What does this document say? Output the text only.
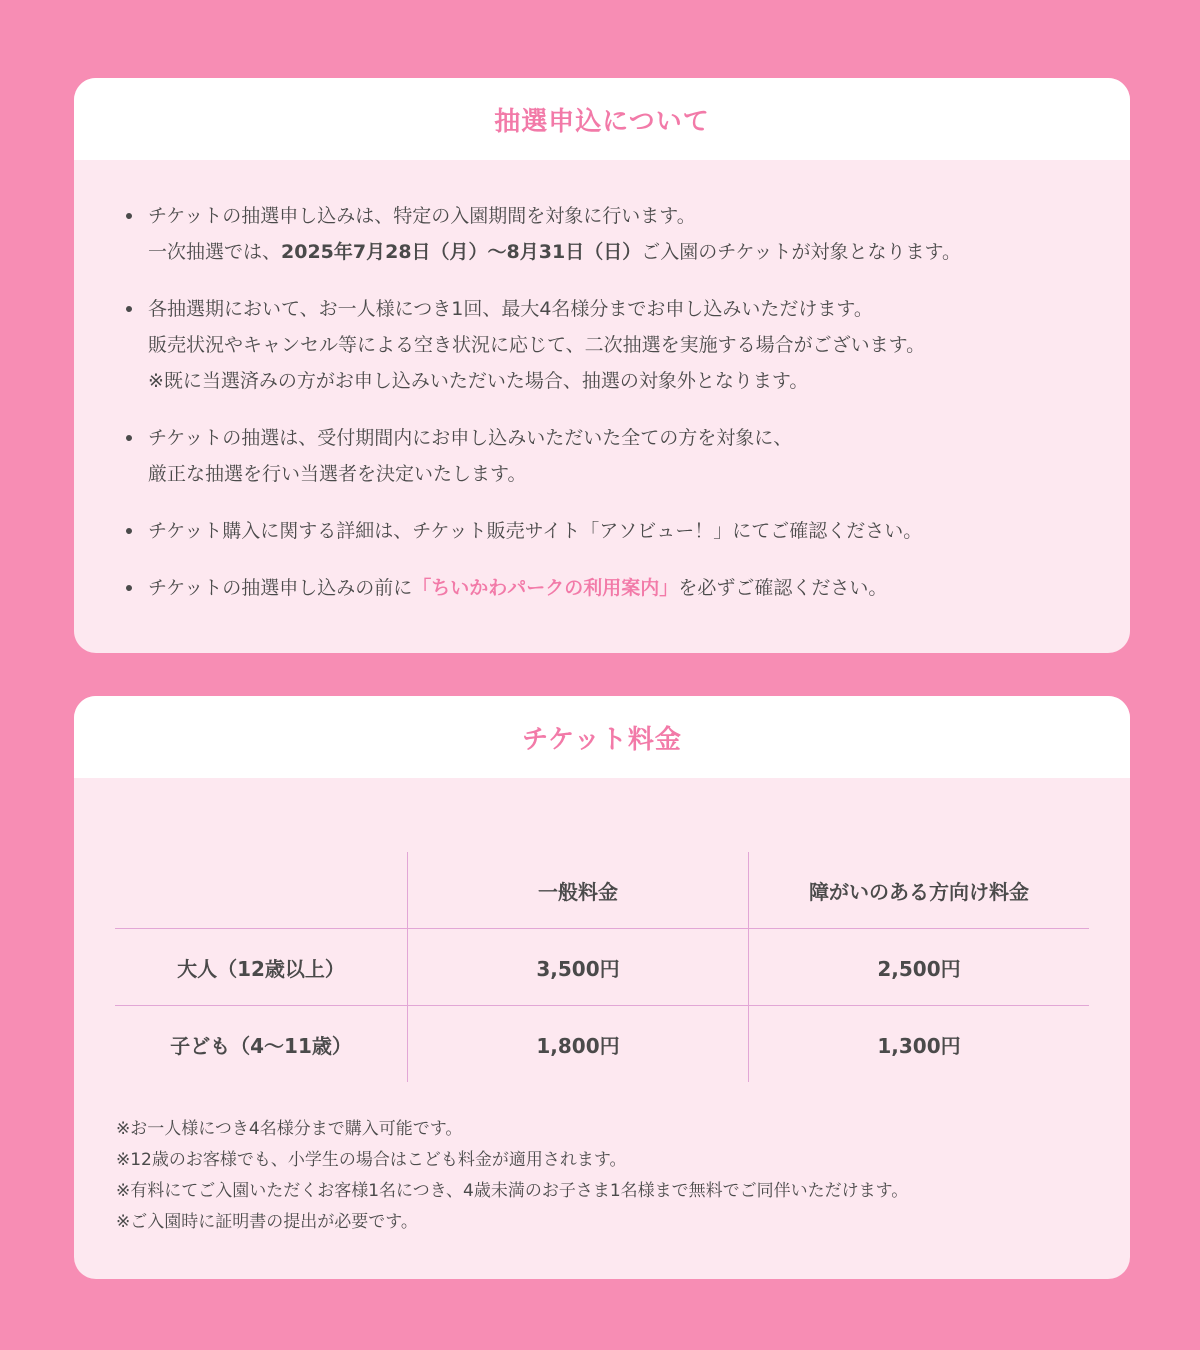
抽選申込について
チケットの抽選申し込みは、特定の入園期間を対象に行います。
一次抽選では、2025年7月28日（月）〜8月31日（日）ご入園のチケットが対象となります。
各抽選期において、お一人様につき1回、最大4名様分までお申し込みいただけます。
販売状況やキャンセル等による空き状況に応じて、二次抽選を実施する場合がございます。
※既に当選済みの方がお申し込みいただいた場合、抽選の対象外となります。
チケットの抽選は、受付期間内にお申し込みいただいた全ての方を対象に、
厳正な抽選を行い当選者を決定いたします。
チケット購入に関する詳細は、チケット販売サイト「アソビュー！」にてご確認ください。
チケットの抽選申し込みの前に「ちいかわパークの利用案内」を必ずご確認ください。
チケット料金
	一般料金	障がいのある方向け料金
大人（12歳以上）	3,500円	2,500円
子ども（4〜11歳）	1,800円	1,300円
※お一人様につき4名様分まで購入可能です。
※12歳のお客様でも、小学生の場合はこども料金が適用されます。
※有料にてご入園いただくお客様1名につき、4歳未満のお子さま1名様まで無料でご同伴いただけます。
※ご入園時に証明書の提出が必要です。
